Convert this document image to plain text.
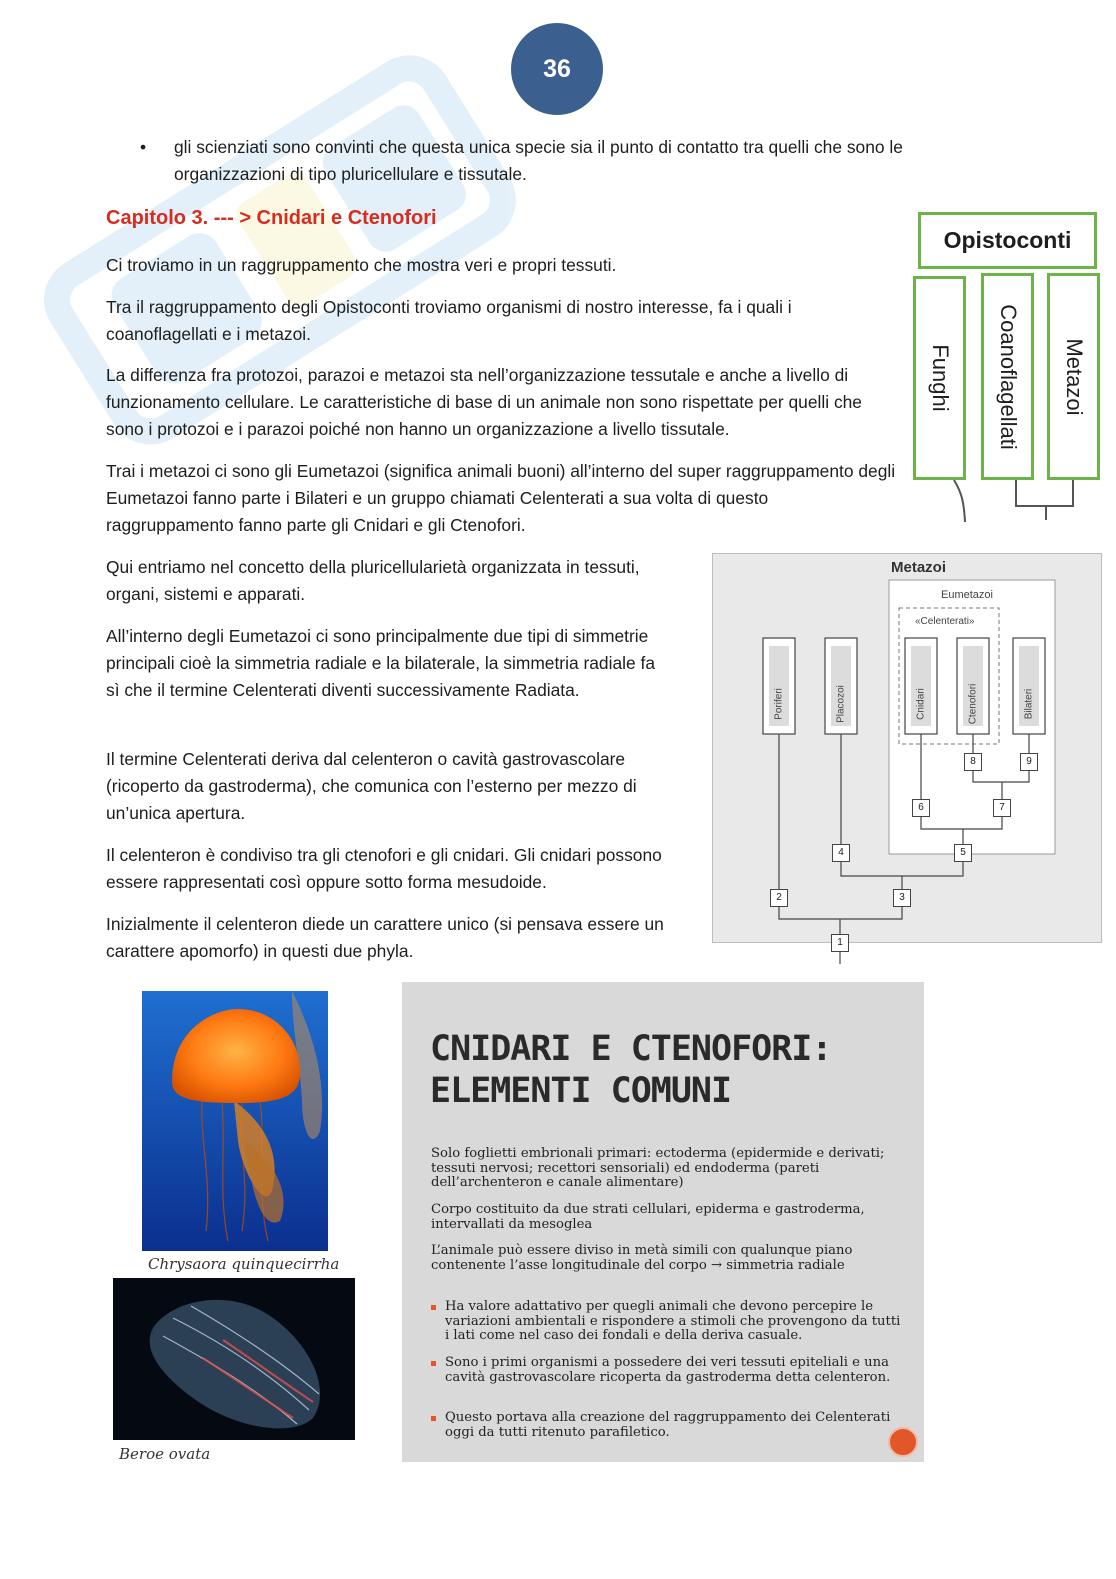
36
• gli scienziati sono convinti che questa unica specie sia il punto di contatto tra quelli che sono le organizzazioni di tipo pluricellulare e tissutale.
Capitolo 3. --- > Cnidari e Ctenofori
Ci troviamo in un raggruppamento che mostra veri e propri tessuti.
Tra il raggruppamento degli Opistoconti troviamo organismi di nostro interesse, fa i quali i coanoflagellati e i metazoi.
La differenza fra protozoi, parazoi e metazoi sta nell’organizzazione tessutale e anche a livello di funzionamento cellulare. Le caratteristiche di base di un animale non sono rispettate per quelli che sono i protozoi e i parazoi poiché non hanno un organizzazione a livello tissutale.
Trai i metazoi ci sono gli Eumetazoi (significa animali buoni) all’interno del super raggruppamento degli Eumetazoi fanno parte i Bilateri e un gruppo chiamati Celenterati a sua volta di questo raggruppamento fanno parte gli Cnidari e gli Ctenofori.
Qui entriamo nel concetto della pluricellularietà organizzata in tessuti, organi, sistemi e apparati.
All’interno degli Eumetazoi ci sono principalmente due tipi di simmetrie principali cioè la simmetria radiale e la bilaterale, la simmetria radiale fa sì che il termine Celenterati diventi successivamente Radiata.
Il termine Celenterati deriva dal celenteron o cavità gastrovascolare (ricoperto da gastroderma), che comunica con l’esterno per mezzo di un’unica apertura.
Il celenteron è condiviso tra gli ctenofori e gli cnidari. Gli cnidari possono essere rappresentati così oppure sotto forma mesudoide.
Inizialmente il celenteron diede un carattere unico (si pensava essere un carattere apomorfo) in questi due phyla.
Opistoconti
Funghi Coanoflagellati Metazoi
Metazoi
Eumetazoi
«Celenterati»
Poriferi	Placozoi	Cnidari	Ctenofori	Bilateri
1
2	3
4	5
6	7
8	9
Chrysaora quinquecirrha
Beroe ovata
CNIDARI E CTENOFORI:
ELEMENTI COMUNI
Solo foglietti embrionali primari: ectoderma (epidermide e derivati; tessuti nervosi; recettori sensoriali) ed endoderma (pareti dell’archenteron e canale alimentare)
Corpo costituito da due strati cellulari, epiderma e gastroderma, intervallati da mesoglea
L’animale può essere diviso in metà simili con qualunque piano contenente l’asse longitudinale del corpo → simmetria radiale
Ha valore adattativo per quegli animali che devono percepire le variazioni ambientali e rispondere a stimoli che provengono da tutti i lati come nel caso dei fondali e della deriva casuale.
Sono i primi organismi a possedere dei veri tessuti epiteliali e una cavità gastrovascolare ricoperta da gastroderma detta celenteron.
Questo portava alla creazione del raggruppamento dei Celenterati oggi da tutti ritenuto parafiletico.
